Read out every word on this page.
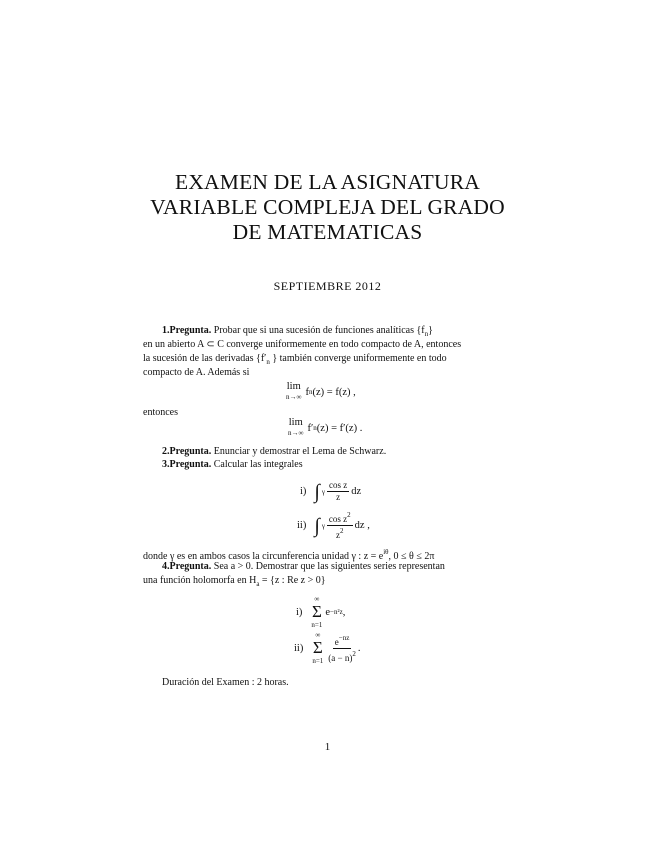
EXAMEN DE LA ASIGNATURA
VARIABLE COMPLEJA DEL GRADO
DE MATEMATICAS
SEPTIEMBRE 2012
1.Pregunta. Probar que si una sucesión de funciones analíticas $\{f_n\}$
en un abierto A ⊂ C converge uniformemente en todo compacto de A, entonces
la sucesión de las derivadas {$f'_n$ } también converge uniformemente en todo
compacto de A. Además si
lim
n→∞ f n (z) = f(z) ,
entonces
lim
n→∞ f′ n (z) = f′(z) .
2.Pregunta. Enunciar y demostrar el Lema de Schwarz.
3.Pregunta. Calcular las integrales
i) ∫ γ $\frac{\text{cos z}}{z}$ dz
ii) ∫ γ $\frac{\cos z^2}{z^2}$ dz ,
donde γ es en ambos casos la circunferencia unidad γ : $z = e^{i\theta}$, 0 ≤ θ ≤ 2π
4.Pregunta. Sea a > 0. Demostrar que las siguientes series representan
una función holomorfa en $H_a = \{z$ : Re z > 0}
i)
∞
Σ
n=1
e −n²z ,
ii)
∞
Σ
$n=1 \frac{e^{-nz}}{(a - n)^2}$ .
Duración del Examen : 2 horas.
1
